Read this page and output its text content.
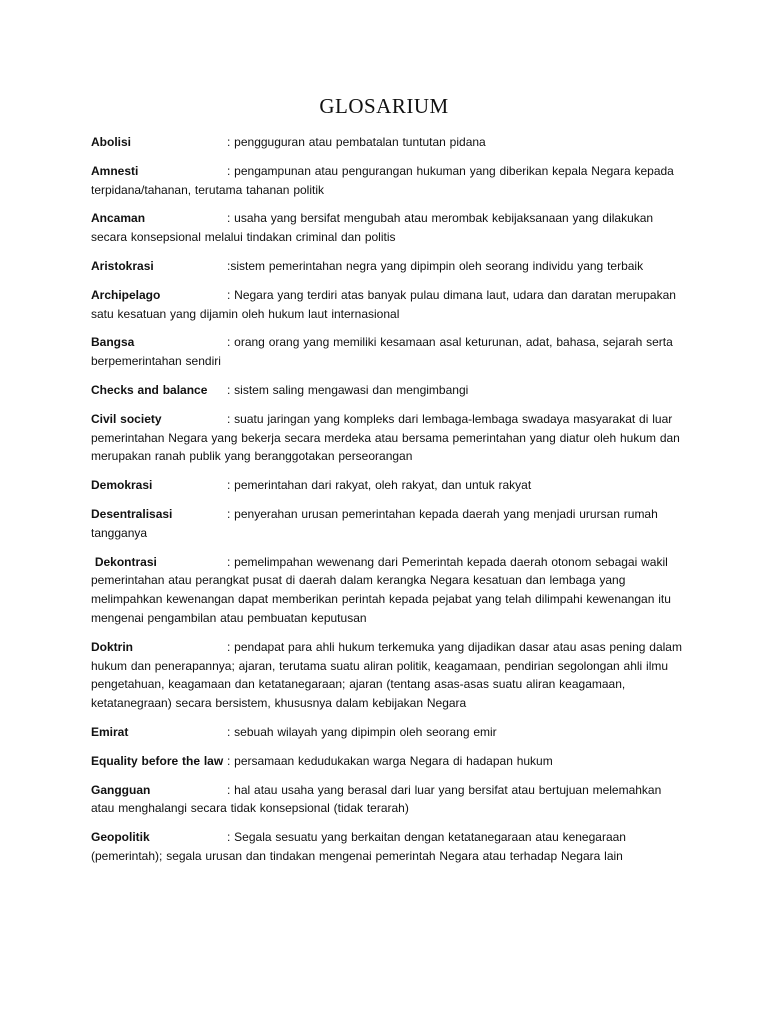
GLOSARIUM
Abolisi	: pengguguran atau pembatalan tuntutan pidana
Amnesti	: pengampunan atau pengurangan hukuman yang diberikan kepala Negara kepada terpidana/tahanan, terutama tahanan politik
Ancaman	: usaha yang bersifat mengubah atau merombak kebijaksanaan yang dilakukan secara konsepsional melalui tindakan criminal dan politis
Aristokrasi	:sistem pemerintahan negra yang dipimpin oleh seorang individu yang terbaik
Archipelago	: Negara yang terdiri atas banyak pulau dimana laut, udara dan daratan merupakan satu kesatuan yang dijamin oleh hukum laut internasional
Bangsa	: orang orang yang memiliki kesamaan asal keturunan, adat, bahasa, sejarah serta berpemerintahan sendiri
Checks and balance : sistem saling mengawasi dan mengimbangi
Civil society	: suatu jaringan yang kompleks dari lembaga-lembaga swadaya masyarakat di luar pemerintahan Negara yang bekerja secara merdeka atau bersama pemerintahan yang diatur oleh hukum dan merupakan ranah publik yang beranggotakan perseorangan
Demokrasi	: pemerintahan dari rakyat, oleh rakyat, dan untuk rakyat
Desentralisasi	: penyerahan urusan pemerintahan kepada daerah yang menjadi urursan rumah tangganya
Dekontrasi	: pemelimpahan wewenang dari Pemerintah kepada daerah otonom sebagai wakil pemerintahan atau perangkat pusat di daerah dalam kerangka Negara kesatuan dan lembaga yang melimpahkan kewenangan dapat memberikan perintah kepada pejabat yang telah dilimpahi kewenangan itu mengenai pengambilan atau pembuatan keputusan
Doktrin	: pendapat para ahli hukum terkemuka yang dijadikan dasar atau asas pening dalam hukum dan penerapannya; ajaran, terutama suatu aliran politik, keagamaan, pendirian segolongan ahli ilmu pengetahuan, keagamaan dan ketatanegaraan; ajaran (tentang asas-asas suatu aliran keagamaan, ketatanegraan) secara bersistem, khususnya dalam kebijakan Negara
Emirat	: sebuah wilayah yang dipimpin oleh seorang emir
Equality before the law : persamaan kedudukakan warga Negara di hadapan hukum
Gangguan	: hal atau usaha yang berasal dari luar yang bersifat atau bertujuan melemahkan atau menghalangi secara tidak konsepsional (tidak terarah)
Geopolitik	: Segala sesuatu yang berkaitan dengan ketatanegaraan atau kenegaraan (pemerintah); segala urusan dan tindakan mengenai pemerintah Negara atau terhadap Negara lain
